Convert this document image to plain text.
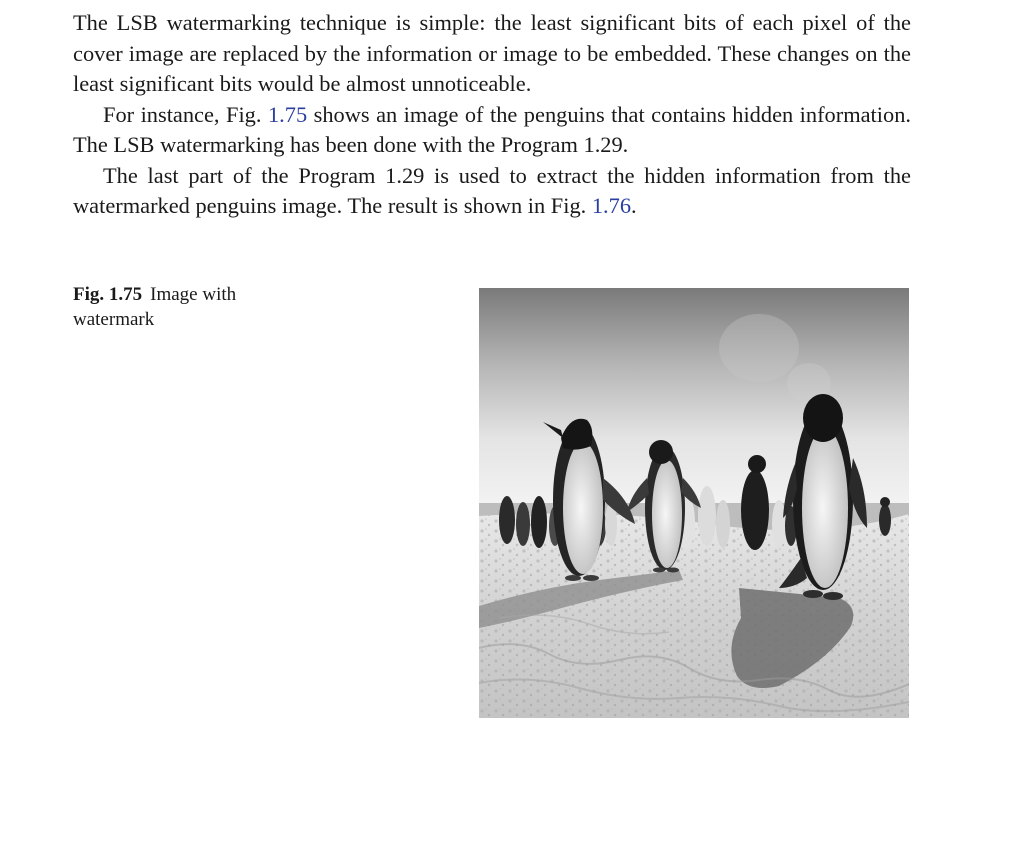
The LSB watermarking technique is simple: the least significant bits of each pixel of the cover image are replaced by the information or image to be embedded. These changes on the least significant bits would be almost unnoticeable.

For instance, Fig. 1.75 shows an image of the penguins that contains hidden information. The LSB watermarking has been done with the Program 1.29.

The last part of the Program 1.29 is used to extract the hidden information from the watermarked penguins image. The result is shown in Fig. 1.76.

Fig. 1.75 Image with watermark
